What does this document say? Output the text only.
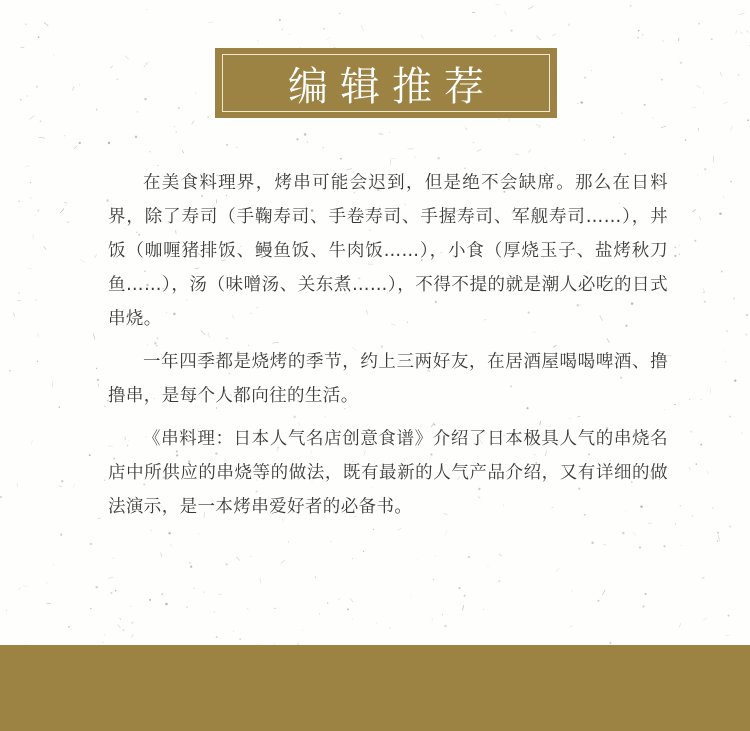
编辑推荐

在美食料理界，烤串可能会迟到，但是绝不会缺席。那么在日料界，除了寿司（手鞠寿司、手卷寿司、手握寿司、军舰寿司……），丼饭（咖喱猪排饭、鳗鱼饭、牛肉饭……），小食（厚烧玉子、盐烤秋刀鱼……），汤（味噌汤、关东煮……），不得不提的就是潮人必吃的日式串烧。

一年四季都是烧烤的季节，约上三两好友，在居酒屋喝喝啤酒、撸撸串，是每个人都向往的生活。

《串料理：日本人气名店创意食谱》介绍了日本极具人气的串烧名店中所供应的串烧等的做法，既有最新的人气产品介绍，又有详细的做法演示，是一本烤串爱好者的必备书。
